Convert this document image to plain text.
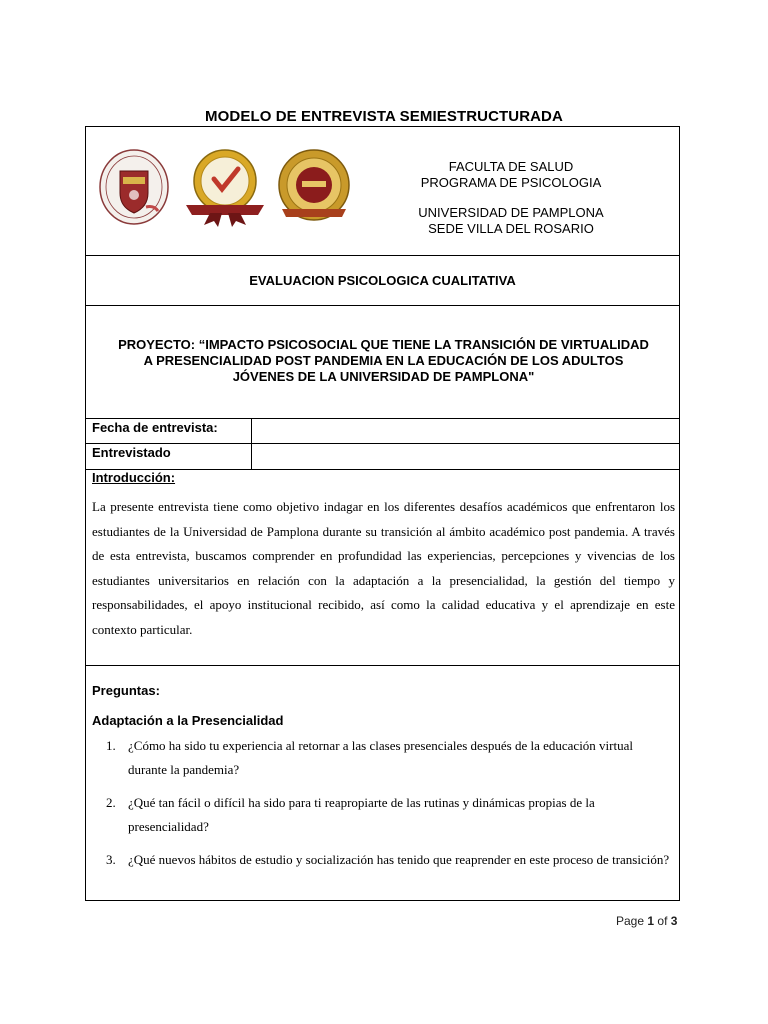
MODELO DE ENTREVISTA SEMIESTRUCTURADA
FACULTA DE SALUD
PROGRAMA DE PSICOLOGIA
UNIVERSIDAD DE PAMPLONA
SEDE VILLA DEL ROSARIO
EVALUACION PSICOLOGICA CUALITATIVA
PROYECTO: “IMPACTO PSICOSOCIAL QUE TIENE LA TRANSICIÓN DE VIRTUALIDAD
A PRESENCIALIDAD POST PANDEMIA EN LA EDUCACIÓN DE LOS ADULTOS
JÓVENES DE LA UNIVERSIDAD DE PAMPLONA"
Fecha de entrevista:
Entrevistado
Introducción:
La presente entrevista tiene como objetivo indagar en los diferentes desafíos académicos que enfrentaron los estudiantes de la Universidad de Pamplona durante su transición al ámbito académico post pandemia. A través de esta entrevista, buscamos comprender en profundidad las experiencias, percepciones y vivencias de los estudiantes universitarios en relación con la adaptación a la presencialidad, la gestión del tiempo y responsabilidades, el apoyo institucional recibido, así como la calidad educativa y el aprendizaje en este contexto particular.
Preguntas:
Adaptación a la Presencialidad
1. ¿Cómo ha sido tu experiencia al retornar a las clases presenciales después de la educación virtual durante la pandemia?
2. ¿Qué tan fácil o difícil ha sido para ti reapropiarte de las rutinas y dinámicas propias de la presencialidad?
3. ¿Qué nuevos hábitos de estudio y socialización has tenido que reaprender en este proceso de transición?
Page 1 of 3
